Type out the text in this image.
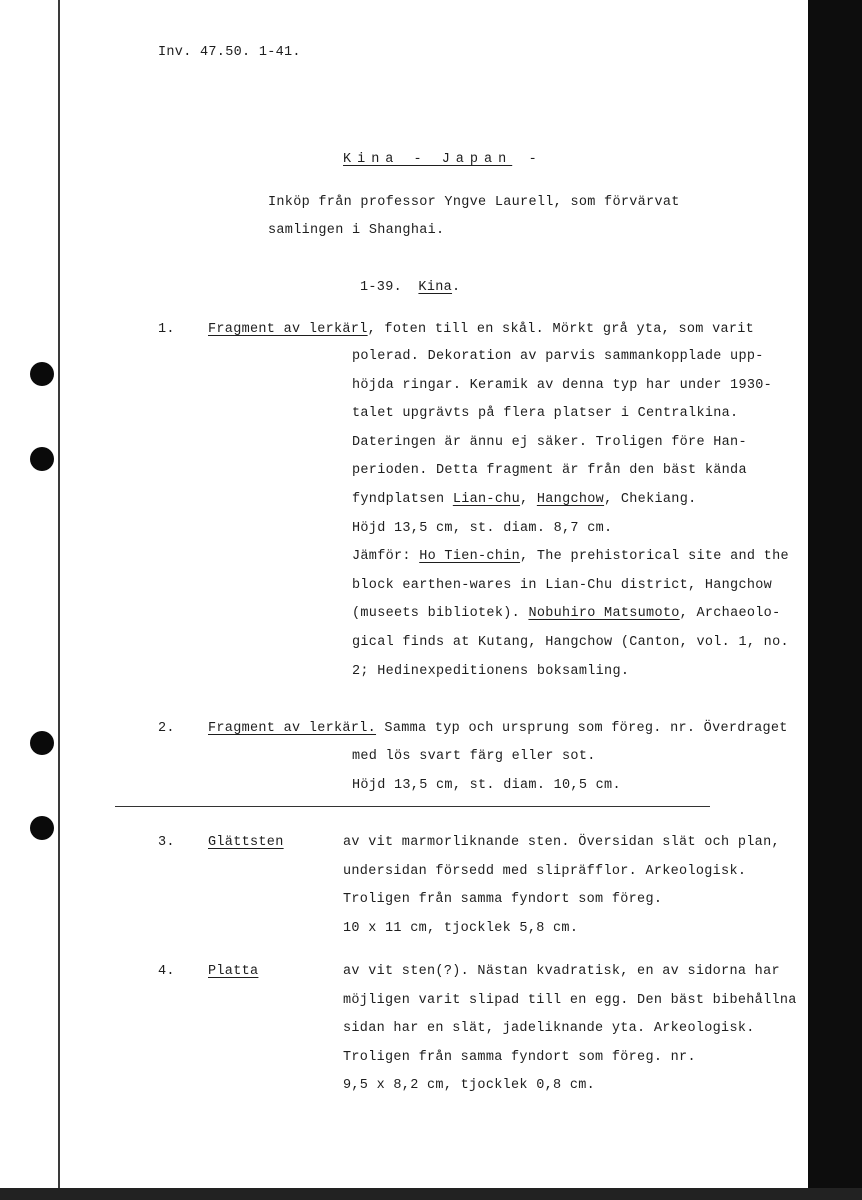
Inv. 47.50. 1-41.
Kina - Japan -
Inköp från professor Yngve Laurell, som förvärvat
samlingen i Shanghai.
1-39. Kina.
1. Fragment av lerkärl, foten till en skål. Mörkt grå yta, som varit
polerad. Dekoration av parvis sammankopplade upp-
höjda ringar. Keramik av denna typ har under 1930-
talet upgrävts på flera platser i Centralkina.
Dateringen är ännu ej säker. Troligen före Han-
perioden. Detta fragment är från den bäst kända
fyndplatsen Lian-chu, Hangchow, Chekiang.
Höjd 13,5 cm, st. diam. 8,7 cm.
Jämför: Ho Tien-chin, The prehistorical site and the
block earthen-wares in Lian-Chu district, Hangchow
(museets bibliotek). Nobuhiro Matsumoto, Archaeolo-
gical finds at Kutang, Hangchow (Canton, vol. 1, no.
2; Hedinexpeditionens boksamling.
2. Fragment av lerkärl. Samma typ och ursprung som föreg. nr. Överdraget
med lös svart färg eller sot.
Höjd 13,5 cm, st. diam. 10,5 cm.
3. Glättsten	av vit marmorliknande sten. Översidan slät och plan,
undersidan försedd med slipräfflor. Arkeologisk.
Troligen från samma fyndort som föreg.
10 x 11 cm, tjocklek 5,8 cm.
4. Platta	av vit sten(?). Nästan kvadratisk, en av sidorna har
möjligen varit slipad till en egg. Den bäst bibehållna
sidan har en slät, jadeliknande yta. Arkeologisk.
Troligen från samma fyndort som föreg. nr.
9,5 x 8,2 cm, tjocklek 0,8 cm.
